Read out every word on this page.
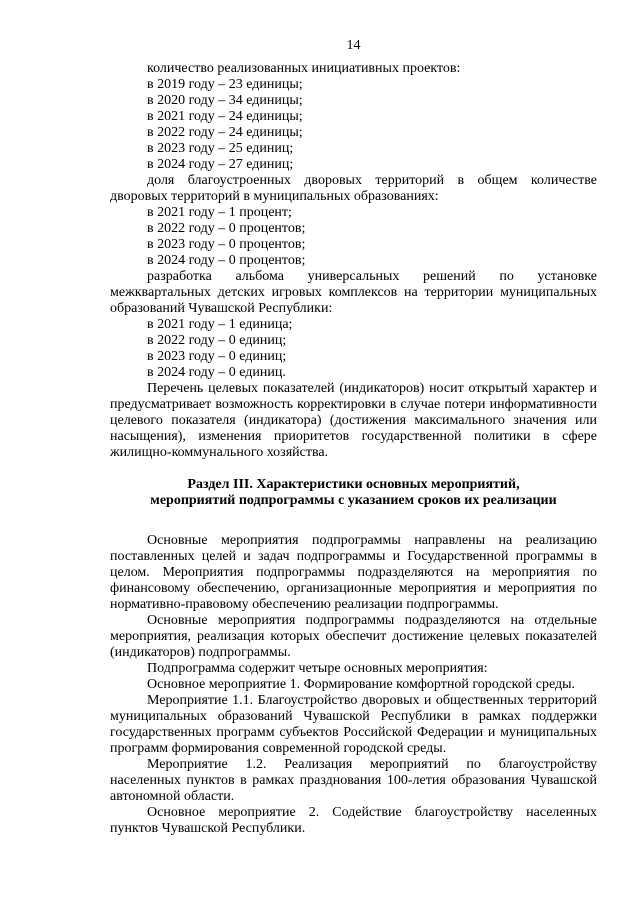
14

количество реализованных инициативных проектов:

в 2019 году – 23 единицы;

в 2020 году – 34 единицы;

в 2021 году – 24 единицы;

в 2022 году – 24 единицы;

в 2023 году – 25 единиц;

в 2024 году – 27 единиц;

доля благоустроенных дворовых территорий в общем количестве дворовых территорий в муниципальных образованиях:

в 2021 году – 1 процент;

в 2022 году – 0 процентов;

в 2023 году – 0 процентов;

в 2024 году – 0 процентов;

разработка альбома универсальных решений по установке межквартальных детских игровых комплексов на территории муниципальных образований Чувашской Республики:

в 2021 году – 1 единица;

в 2022 году – 0 единиц;

в 2023 году – 0 единиц;

в 2024 году – 0 единиц.

Перечень целевых показателей (индикаторов) носит открытый характер и предусматривает возможность корректировки в случае потери информативности целевого показателя (индикатора) (достижения максимального значения или насыщения), изменения приоритетов государственной политики в сфере жилищно-коммунального хозяйства.

Раздел III. Характеристики основных мероприятий,

мероприятий подпрограммы с указанием сроков их реализации

Основные мероприятия подпрограммы направлены на реализацию поставленных целей и задач подпрограммы и Государственной программы в целом. Мероприятия подпрограммы подразделяются на мероприятия по финансовому обеспечению, организационные мероприятия и мероприятия по нормативно-правовому обеспечению реализации подпрограммы.

Основные мероприятия подпрограммы подразделяются на отдельные мероприятия, реализация которых обеспечит достижение целевых показателей (индикаторов) подпрограммы.

Подпрограмма содержит четыре основных мероприятия:

Основное мероприятие 1. Формирование комфортной городской среды.

Мероприятие 1.1. Благоустройство дворовых и общественных территорий муниципальных образований Чувашской Республики в рамках поддержки государственных программ субъектов Российской Федерации и муниципальных программ формирования современной городской среды.

Мероприятие 1.2. Реализация мероприятий по благоустройству населенных пунктов в рамках празднования 100-летия образования Чувашской автономной области.

Основное мероприятие 2. Содействие благоустройству населенных пунктов Чувашской Республики.
